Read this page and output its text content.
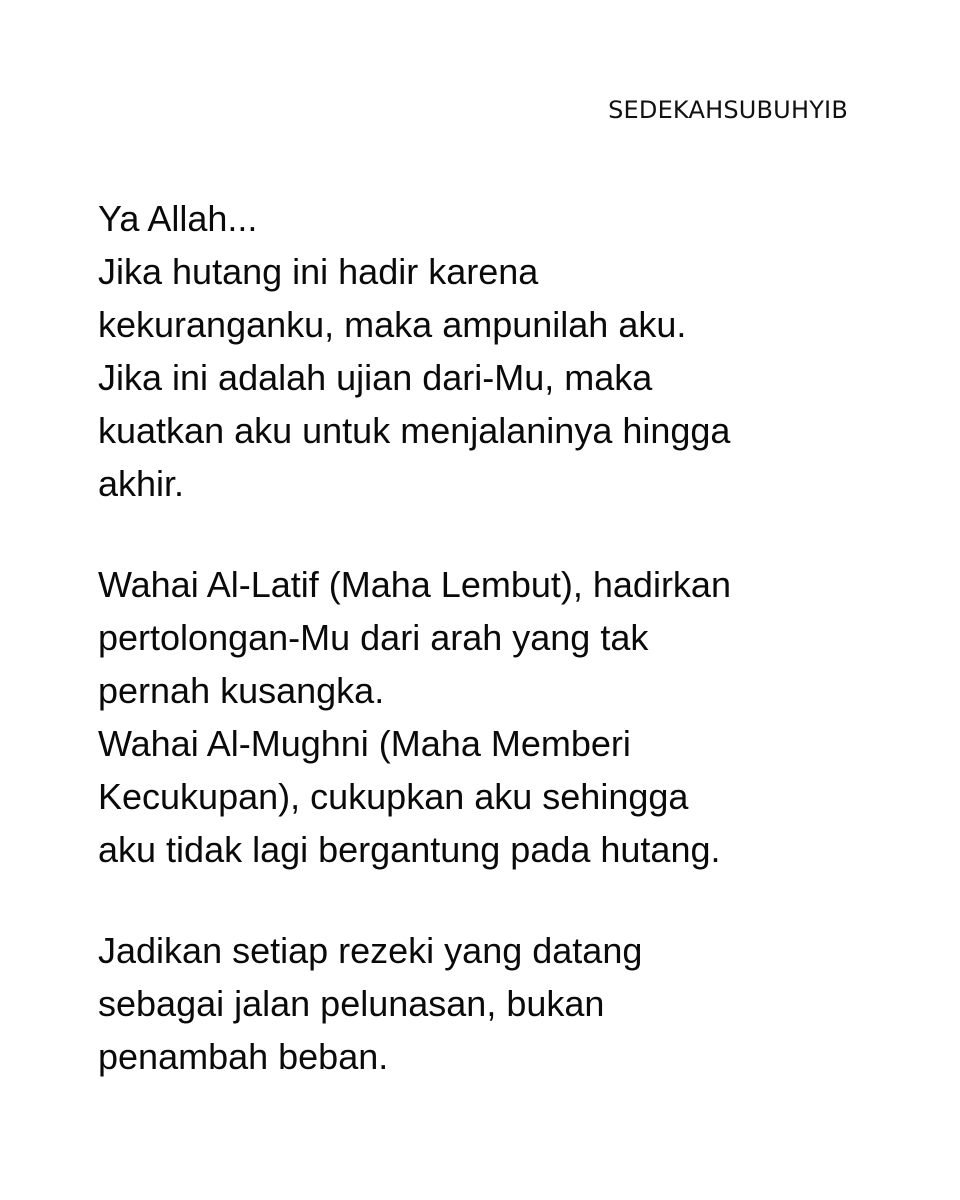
SEDEKAHSUBUHYIB
Ya Allah...
Jika hutang ini hadir karena
kekuranganku, maka ampunilah aku.
Jika ini adalah ujian dari-Mu, maka
kuatkan aku untuk menjalaninya hingga
akhir.
Wahai Al-Latif (Maha Lembut), hadirkan
pertolongan-Mu dari arah yang tak
pernah kusangka.
Wahai Al-Mughni (Maha Memberi
Kecukupan), cukupkan aku sehingga
aku tidak lagi bergantung pada hutang.
Jadikan setiap rezeki yang datang
sebagai jalan pelunasan, bukan
penambah beban.
